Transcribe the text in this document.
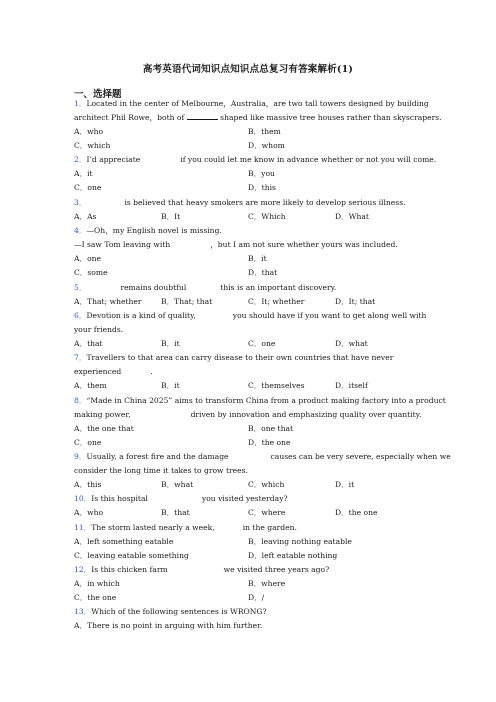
高考英语代词知识点知识点总复习有答案解析(1)
一、选择题
1．Located in the center of Melbourne，Australia，are two tall towers designed by building
architect Phil Rowe，both of	shaped like massive tree houses rather than skyscrapers.
A．who	B．them
C．which	D．whom
2．I’d appreciate	if you could let me know in advance whether or not you will come.
A．it	B．you
C．one	D．this
3．	is believed that heavy smokers are more likely to develop serious illness.
A．As	B．It	C．Which	D．What
4．—Oh，my English novel is missing.
—I saw Tom leaving with	，but I am not sure whether yours was included.
A．one	B．it
C．some	D．that
5．	remains doubtful	this is an important discovery.
A．That; whether	B．That; that	C．It; whether	D．It; that
6．Devotion is a kind of quality,	you should have if you want to get along well with
your friends.
A．that	B．it	C．one	D．what
7．Travellers to that area can carry disease to their own countries that have never
experienced	.
A．them	B．it	C．themselves	D．itself
8．“Made in China 2025” aims to transform China from a product making factory into a product
making power,	driven by innovation and emphasizing quality over quantity.
A．the one that	B．one that
C．one	D．the one
9．Usually, a forest fire and the damage	causes can be very severe, especially when we
consider the long time it takes to grow trees.
A．this	B．what	C．which	D．it
10．Is this hospital	you visited yesterday?
A．who	B．that	C．where	D．the one
11．The storm lasted nearly a week,	in the garden.
A．left something eatable	B．leaving nothing eatable
C．leaving eatable something	D．left eatable nothing
12．Is this chicken farm	we visited three years ago?
A．in which	B．where
C．the one	D．/
13．Which of the following sentences is WRONG?
A．There is no point in arguing with him further.
